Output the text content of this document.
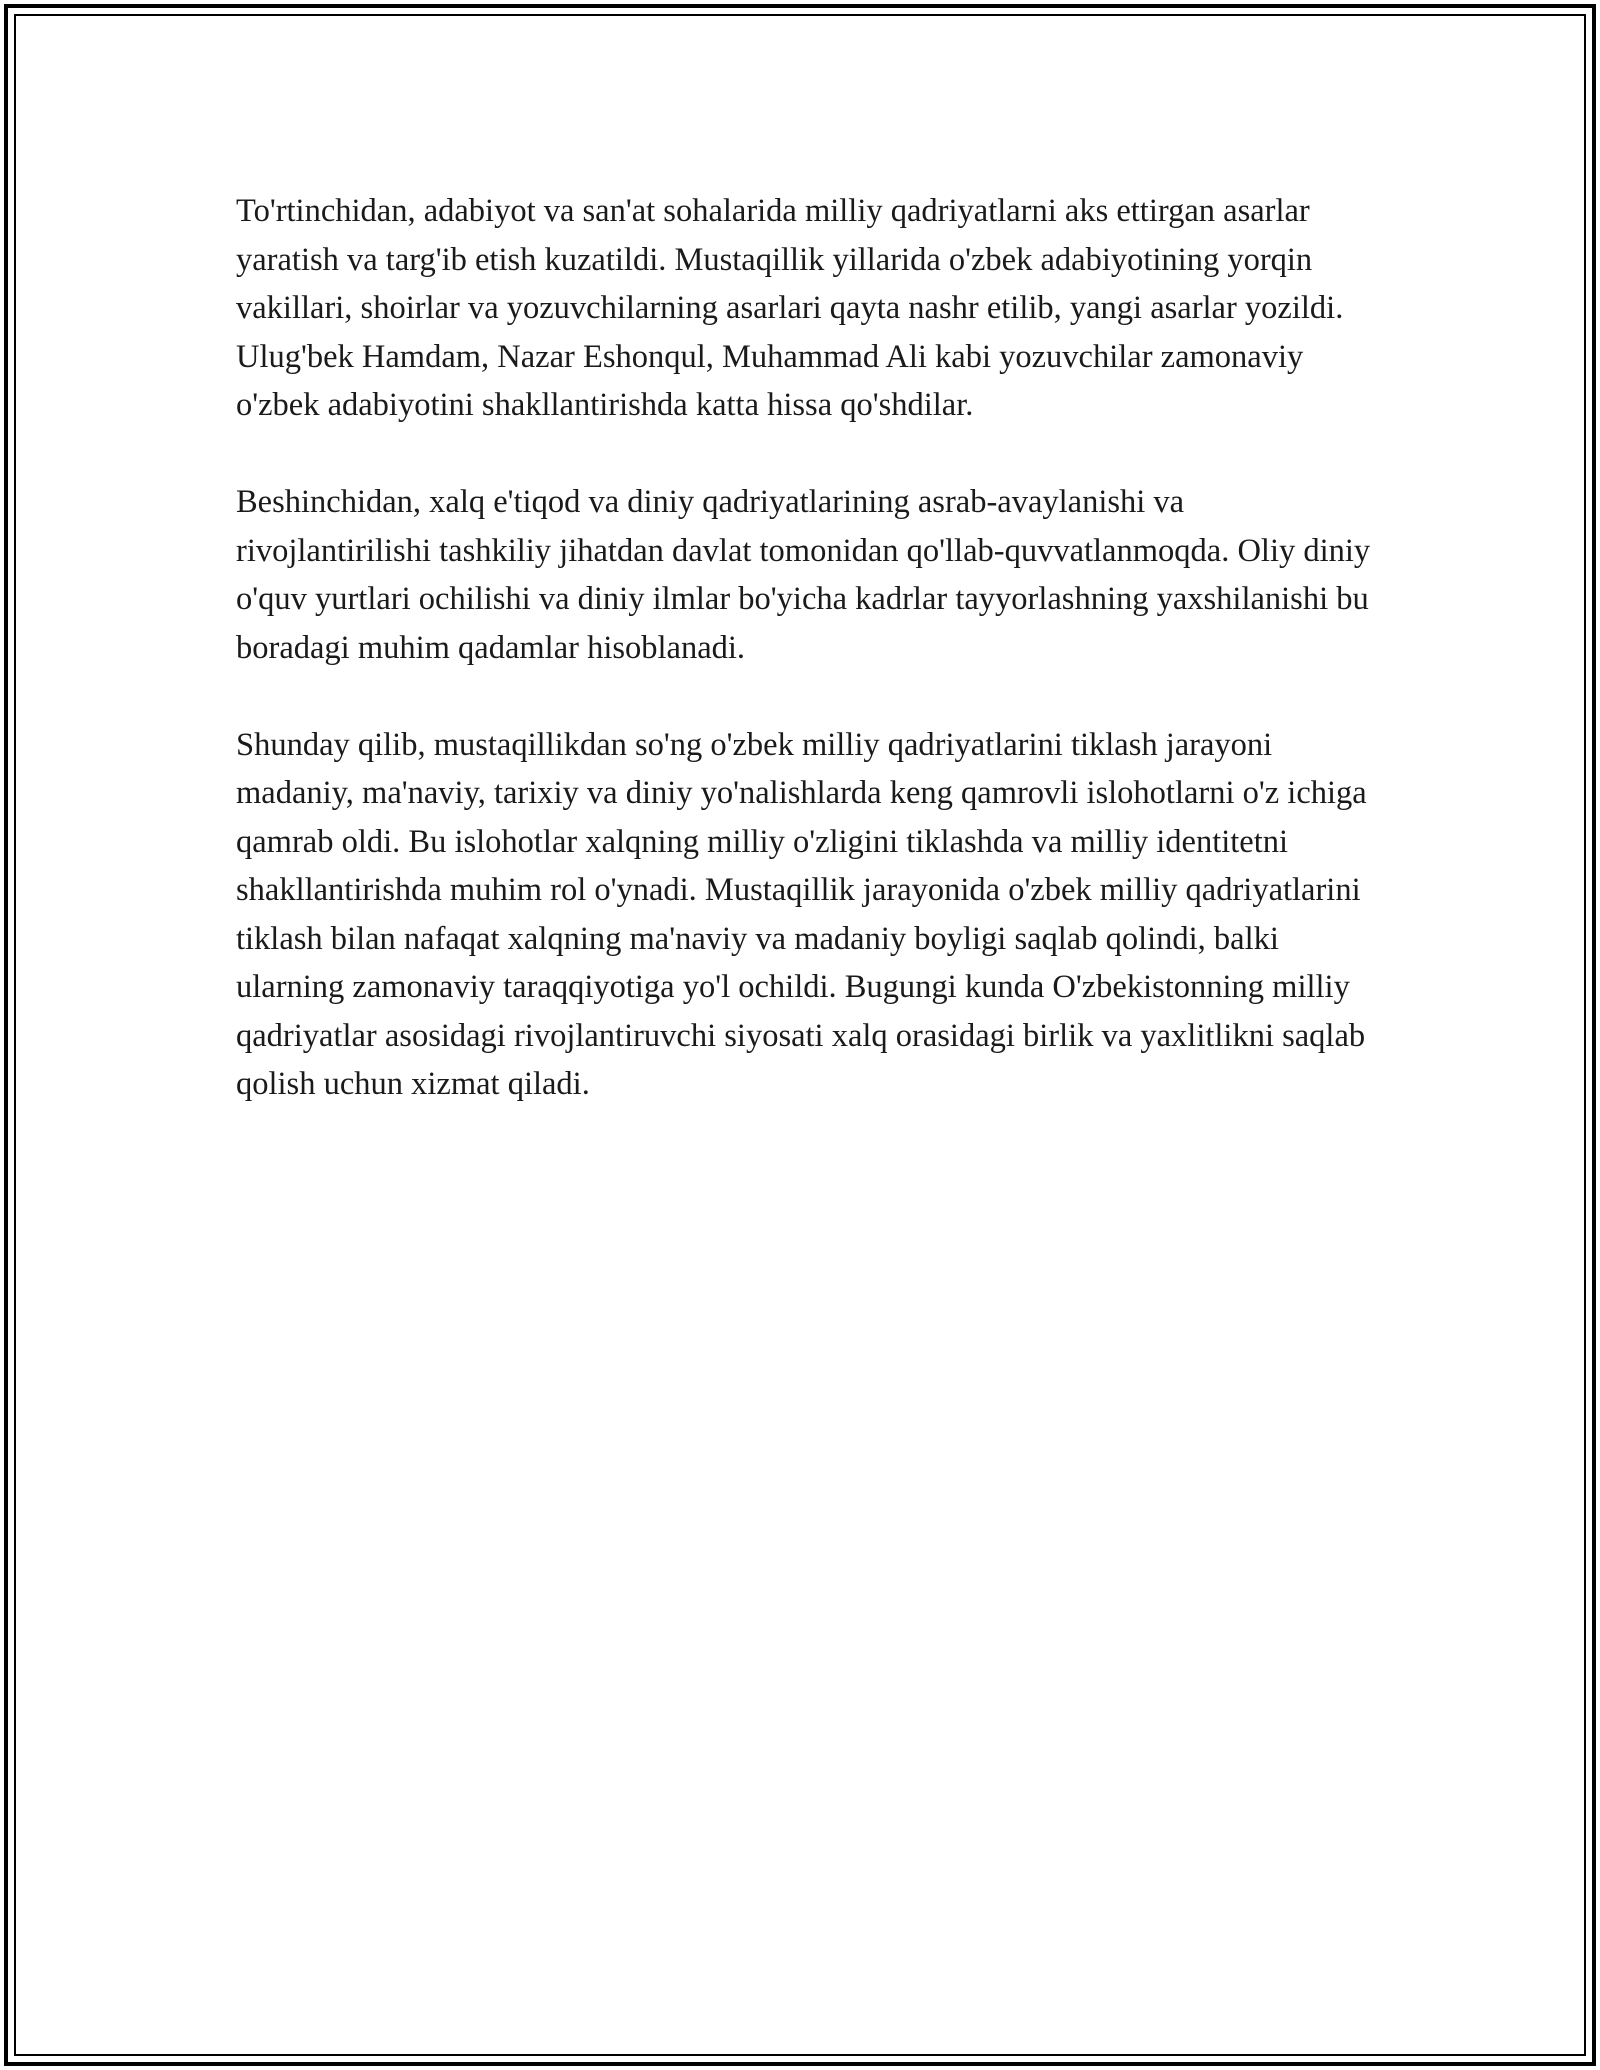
To'rtinchidan, adabiyot va san'at sohalarida milliy qadriyatlarni aks ettirgan asarlar yaratish va targ'ib etish kuzatildi. Mustaqillik yillarida o'zbek adabiyotining yorqin vakillari, shoirlar va yozuvchilarning asarlari qayta nashr etilib, yangi asarlar yozildi. Ulug'bek Hamdam, Nazar Eshonqul, Muhammad Ali kabi yozuvchilar zamonaviy o'zbek adabiyotini shakllantirishda katta hissa qo'shdilar.

Beshinchidan, xalq e'tiqod va diniy qadriyatlarining asrab-avaylanishi va rivojlantirilishi tashkiliy jihatdan davlat tomonidan qo'llab-quvvatlanmoqda. Oliy diniy o'quv yurtlari ochilishi va diniy ilmlar bo'yicha kadrlar tayyorlashning yaxshilanishi bu boradagi muhim qadamlar hisoblanadi.

Shunday qilib, mustaqillikdan so'ng o'zbek milliy qadriyatlarini tiklash jarayoni madaniy, ma'naviy, tarixiy va diniy yo'nalishlarda keng qamrovli islohotlarni o'z ichiga qamrab oldi. Bu islohotlar xalqning milliy o'zligini tiklashda va milliy identitetni shakllantirishda muhim rol o'ynadi. Mustaqillik jarayonida o'zbek milliy qadriyatlarini tiklash bilan nafaqat xalqning ma'naviy va madaniy boyligi saqlab qolindi, balki ularning zamonaviy taraqqiyotiga yo'l ochildi. Bugungi kunda O'zbekistonning milliy qadriyatlar asosidagi rivojlantiruvchi siyosati xalq orasidagi birlik va yaxlitlikni saqlab qolish uchun xizmat qiladi.
